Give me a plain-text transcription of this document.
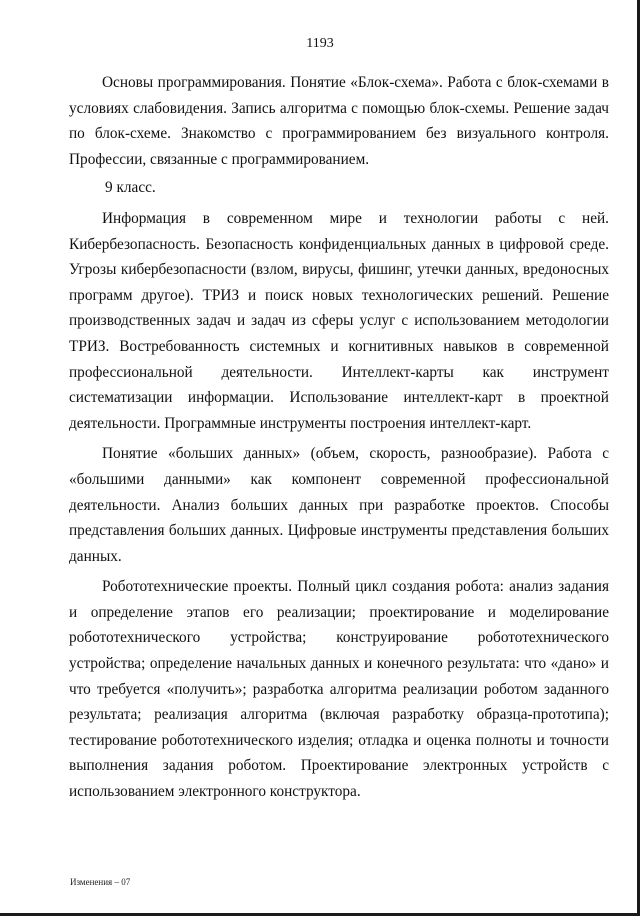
1193

Основы программирования. Понятие «Блок-схема». Работа с блок-схемами в условиях слабовидения. Запись алгоритма с помощью блок-схемы. Решение задач по блок-схеме. Знакомство с программированием без визуального контроля. Профессии, связанные с программированием.

9 класс.

Информация в современном мире и технологии работы с ней. Кибербезопасность. Безопасность конфиденциальных данных в цифровой среде. Угрозы кибербезопасности (взлом, вирусы, фишинг, утечки данных, вредоносных программ другое). ТРИЗ и поиск новых технологических решений. Решение производственных задач и задач из сферы услуг с использованием методологии ТРИЗ. Востребованность системных и когнитивных навыков в современной профессиональной деятельности. Интеллект-карты как инструмент систематизации информации. Использование интеллект-карт в проектной деятельности. Программные инструменты построения интеллект-карт.

Понятие «больших данных» (объем, скорость, разнообразие). Работа с «большими данными» как компонент современной профессиональной деятельности. Анализ больших данных при разработке проектов. Способы представления больших данных. Цифровые инструменты представления больших данных.

Робототехнические проекты. Полный цикл создания робота: анализ задания и определение этапов его реализации; проектирование и моделирование робототехнического устройства; конструирование робототехнического устройства; определение начальных данных и конечного результата: что «дано» и что требуется «получить»; разработка алгоритма реализации роботом заданного результата; реализация алгоритма (включая разработку образца-прототипа); тестирование робототехнического изделия; отладка и оценка полноты и точности выполнения задания роботом. Проектирование электронных устройств с использованием электронного конструктора.

Изменения – 07
